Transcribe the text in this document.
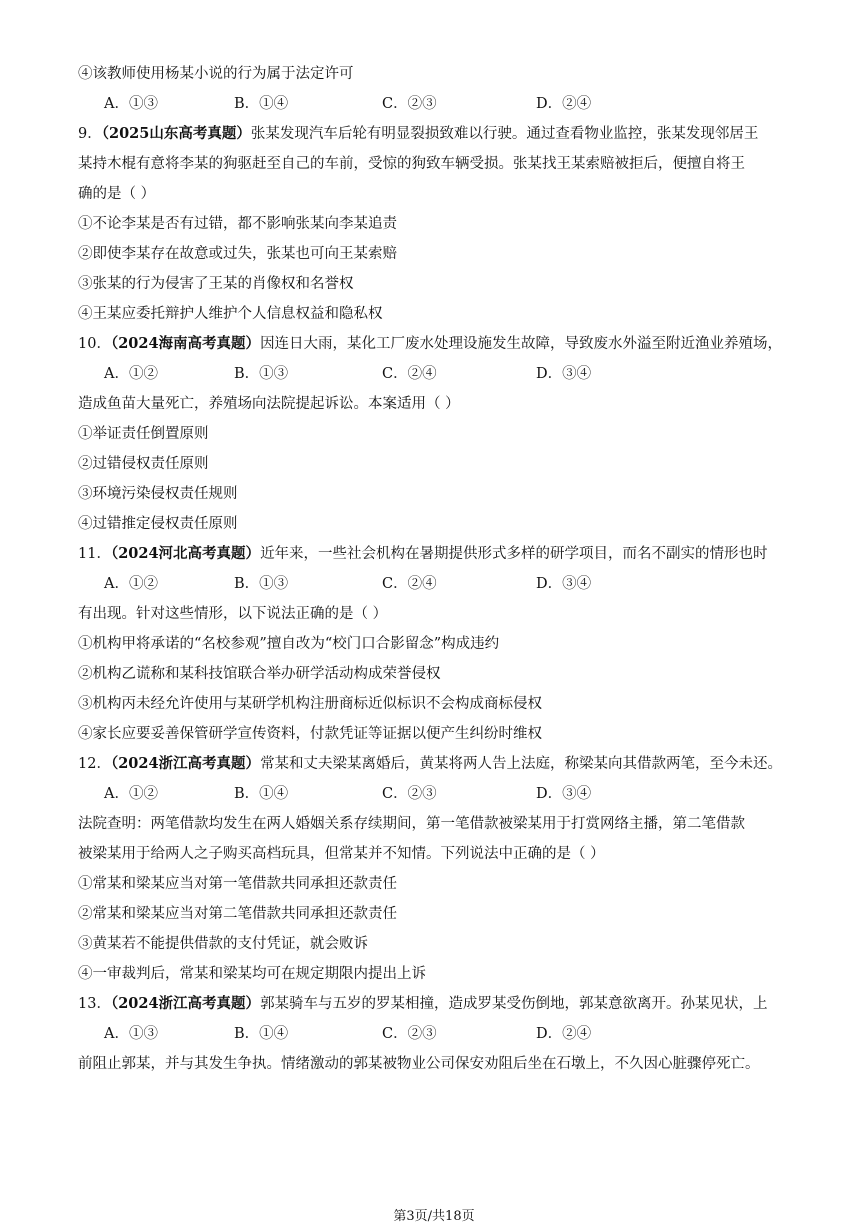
④该教师使用杨某小说的行为属于法定许可
确的是（ ）
①不论李某是否有过错，都不影响张某向李某追责
②即使李某存在故意或过失，张某也可向王某索赔
③张某的行为侵害了王某的肖像权和名誉权
④王某应委托辩护人维护个人信息权益和隐私权
造成鱼苗大量死亡，养殖场向法院提起诉讼。本案适用（ ）
①举证责任倒置原则
②过错侵权责任原则
③环境污染侵权责任规则
④过错推定侵权责任原则
有出现。针对这些情形，以下说法正确的是（ ）
①机构甲将承诺的“名校参观”擅自改为“校门口合影留念”构成违约
②机构乙谎称和某科技馆联合举办研学活动构成荣誉侵权
③机构丙未经允许使用与某研学机构注册商标近似标识不会构成商标侵权
④家长应要妥善保管研学宣传资料，付款凭证等证据以便产生纠纷时维权
法院查明：两笔借款均发生在两人婚姻关系存续期间，第一笔借款被梁某用于打赏网络主播，第二笔借款
被梁某用于给两人之子购买高档玩具，但常某并不知情。下列说法中正确的是（ ）
①常某和梁某应当对第一笔借款共同承担还款责任
②常某和梁某应当对第二笔借款共同承担还款责任
③黄某若不能提供借款的支付凭证，就会败诉
④一审裁判后，常某和梁某均可在规定期限内提出上诉
前阻止郭某，并与其发生争执。情绪激动的郭某被物业公司保安劝阻后坐在石墩上，不久因心脏骤停死亡。
9．（2025山东高考真题）张某发现汽车后轮有明显裂损致难以行驶。通过查看物业监控，张某发现邻居王
某持木棍有意将李某的狗驱赶至自己的车前，受惊的狗致车辆受损。张某找王某索赔被拒后，便擅自将王
10．（2024海南高考真题）因连日大雨，某化工厂废水处理设施发生故障，导致废水外溢至附近渔业养殖场，
11．（2024河北高考真题）近年来，一些社会机构在暑期提供形式多样的研学项目，而名不副实的情形也时
12．（2024浙江高考真题）常某和丈夫梁某离婚后，黄某将两人告上法庭，称梁某向其借款两笔，至今未还。
13．（2024浙江高考真题）郭某骑车与五岁的罗某相撞，造成罗某受伤倒地，郭某意欲离开。孙某见状，上
A．①③	B．①④	C．②③	D．②④
A．①②	B．①③	C．②④	D．③④
A．①②	B．①③	C．②④	D．③④
A．①②	B．①④	C．②③	D．③④
A．①③	B．①④	C．②③	D．②④
第3页/共18页
